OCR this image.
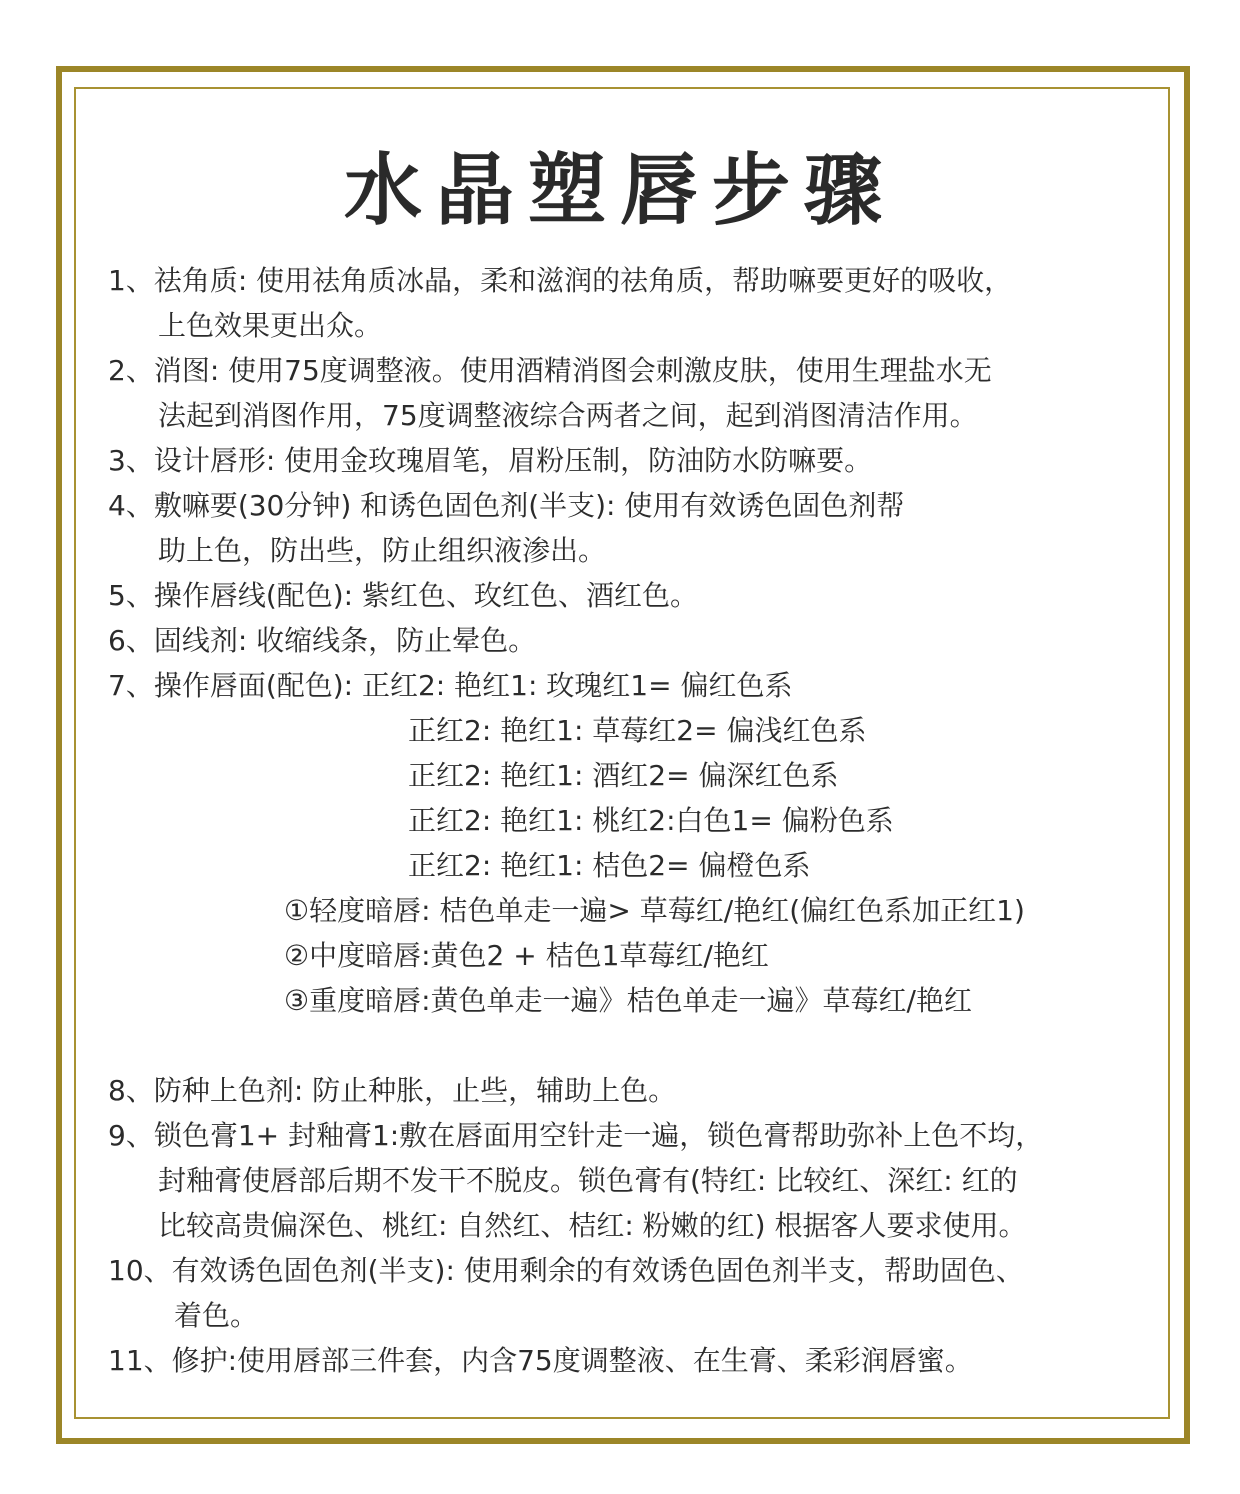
水晶塑唇步骤
1、祛角质: 使用祛角质冰晶，柔和滋润的祛角质，帮助嘛要更好的吸收，
上色效果更出众。
2、消图: 使用75度调整液。使用酒精消图会刺激皮肤，使用生理盐水无
法起到消图作用，75度调整液综合两者之间，起到消图清洁作用。
3、设计唇形: 使用金玫瑰眉笔，眉粉压制，防油防水防嘛要。
4、敷嘛要(30分钟) 和诱色固色剂(半支): 使用有效诱色固色剂帮
助上色，防出些，防止组织液渗出。
5、操作唇线(配色): 紫红色、玫红色、酒红色。
6、固线剂: 收缩线条，防止晕色。
7、操作唇面(配色): 正红2: 艳红1: 玫瑰红1= 偏红色系
正红2: 艳红1: 草莓红2= 偏浅红色系
正红2: 艳红1: 酒红2= 偏深红色系
正红2: 艳红1: 桃红2:白色1= 偏粉色系
正红2: 艳红1: 桔色2= 偏橙色系
①轻度暗唇: 桔色单走一遍> 草莓红/艳红(偏红色系加正红1)
②中度暗唇:黄色2 + 桔色1草莓红/艳红
③重度暗唇:黄色单走一遍》桔色单走一遍》草莓红/艳红
8、防种上色剂: 防止种胀，止些，辅助上色。
9、锁色膏1+ 封釉膏1:敷在唇面用空针走一遍，锁色膏帮助弥补上色不均，
封釉膏使唇部后期不发干不脱皮。锁色膏有(特红: 比较红、深红: 红的
比较高贵偏深色、桃红: 自然红、桔红: 粉嫩的红) 根据客人要求使用。
10、有效诱色固色剂(半支): 使用剩余的有效诱色固色剂半支，帮助固色、
着色。
11、修护:使用唇部三件套，内含75度调整液、在生膏、柔彩润唇蜜。
